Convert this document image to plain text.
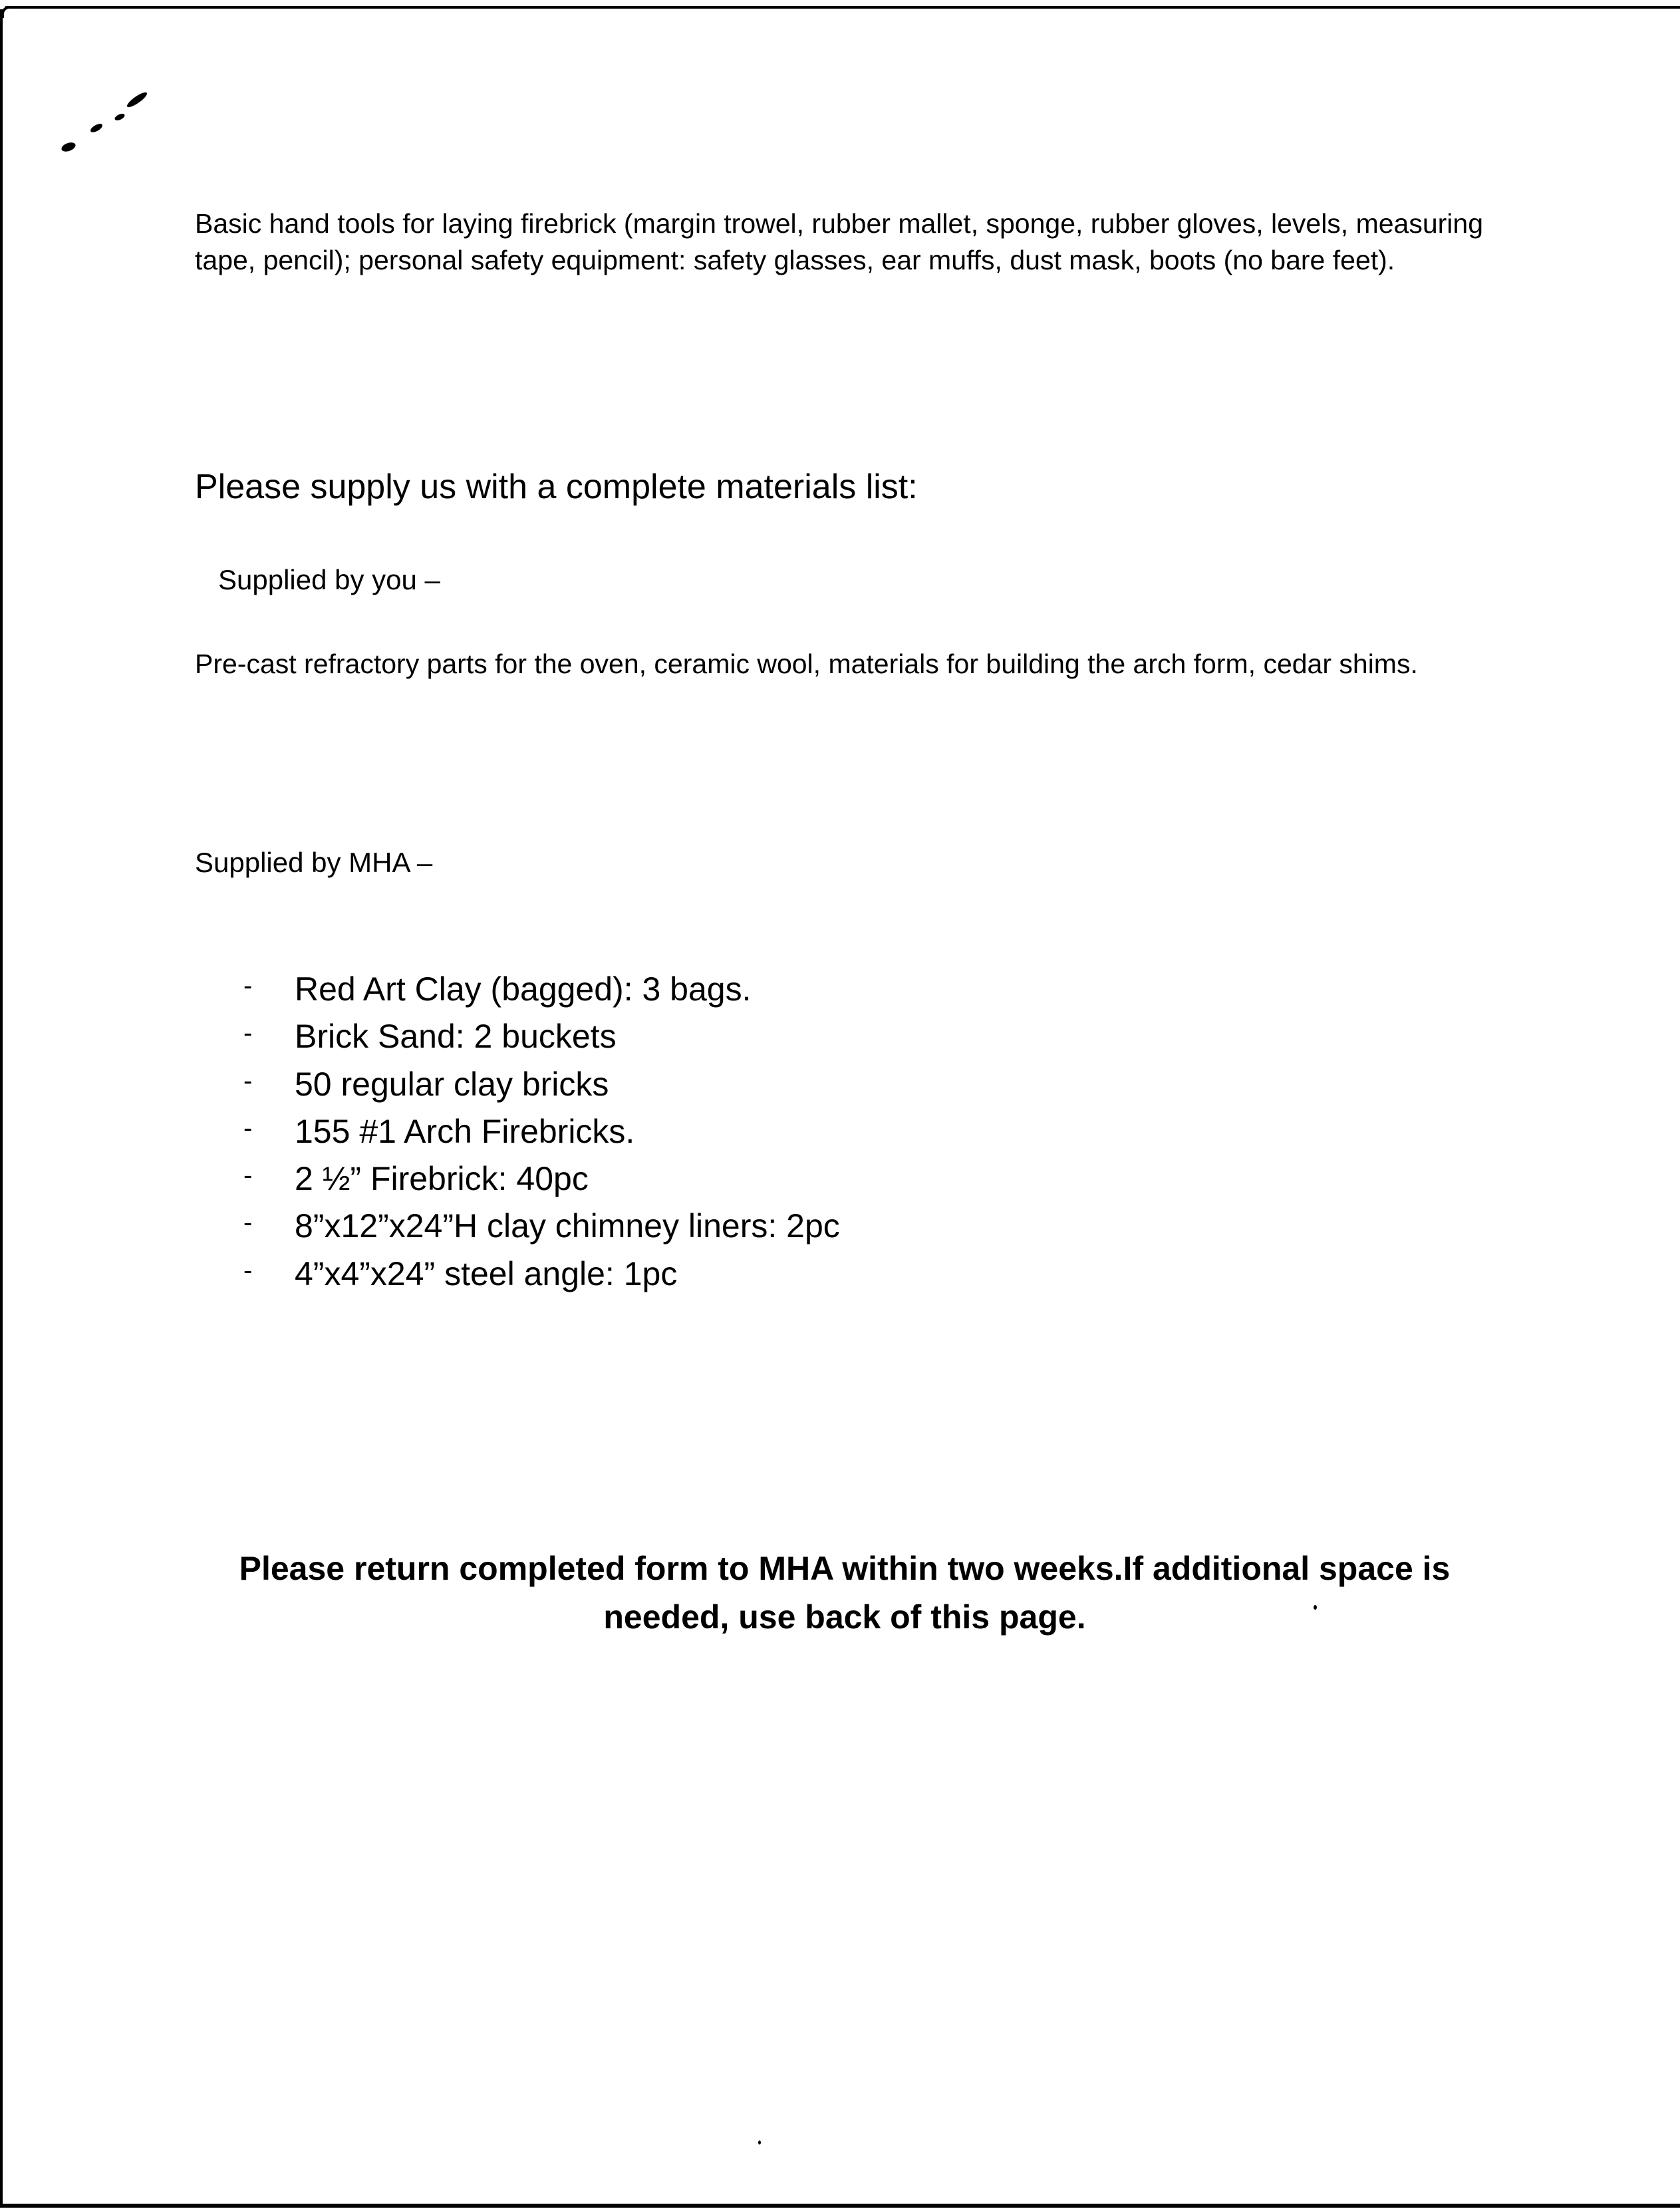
Basic hand tools for laying firebrick (margin trowel, rubber mallet, sponge, rubber gloves, levels, measuring tape, pencil); personal safety equipment: safety glasses, ear muffs, dust mask, boots (no bare feet).
Please supply us with a complete materials list:
Supplied by you –
Pre-cast refractory parts for the oven, ceramic wool, materials for building the arch form, cedar shims.
Supplied by MHA –
- Red Art Clay (bagged): 3 bags.
- Brick Sand: 2 buckets
- 50 regular clay bricks
- 155 #1 Arch Firebricks.
- 2 ½” Firebrick: 40pc
- 8”x12”x24”H clay chimney liners: 2pc
- 4”x4”x24” steel angle: 1pc
Please return completed form to MHA within two weeks.If additional space is
needed, use back of this page.
